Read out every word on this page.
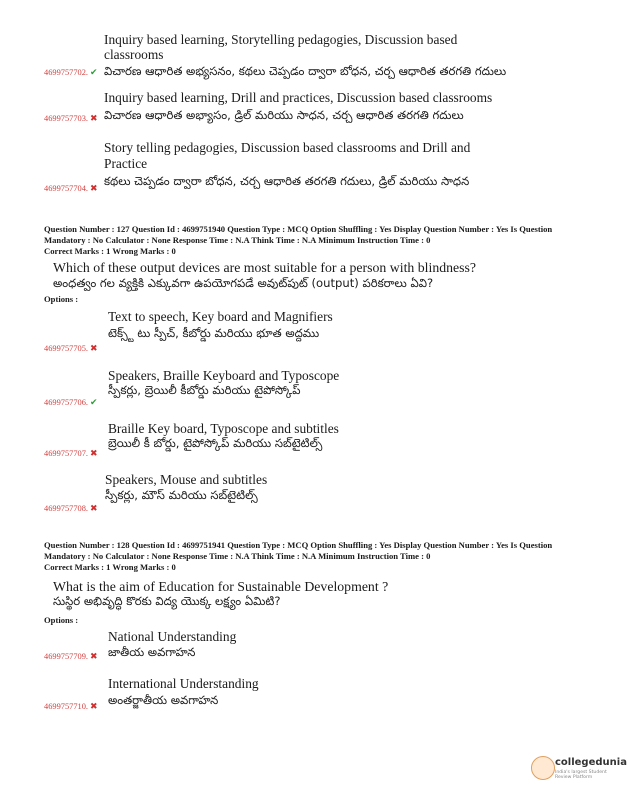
Inquiry based learning, Storytelling pedagogies, Discussion based
classrooms
4699757702. ✔ విచారణ ఆధారిత అభ్యసనం, కథలు చెప్పడం ద్వారా బోధన, చర్చ ఆధారిత తరగతి గదులు
Inquiry based learning, Drill and practices, Discussion based classrooms
4699757703. ✖ విచారణ ఆధారిత అభ్యాసం, డ్రిల్ మరియు సాధన, చర్చ ఆధారిత తరగతి గదులు
Story telling pedagogies, Discussion based classrooms and Drill and
Practice
4699757704. ✖ కథలు చెప్పడం ద్వారా బోధన, చర్చ ఆధారిత తరగతి గదులు, డ్రిల్ మరియు సాధన
Question Number : 127 Question Id : 4699751940 Question Type : MCQ Option Shuffling : Yes Display Question Number : Yes Is Question
Mandatory : No Calculator : None Response Time : N.A Think Time : N.A Minimum Instruction Time : 0
Correct Marks : 1 Wrong Marks : 0
Which of these output devices are most suitable for a person with blindness?
అంధత్వం గల వ్యక్తికి ఎక్కువగా ఉపయోగపడే అవుట్‌పుట్ (output) పరికరాలు ఏవి?
Options :
Text to speech, Key board and Magnifiers
టెక్స్ట్ టు స్పీచ్, కీబోర్డు మరియు భూత అద్దము
4699757705. ✖
Speakers, Braille Keyboard and Typoscope
స్పీకర్లు, బ్రెయిలీ కీబోర్డు మరియు టైపోస్కోప్
4699757706. ✔
Braille Key board, Typoscope and subtitles
బ్రెయిలీ కీ బోర్డు, టైపోస్కోప్ మరియు సబ్‌టైటిల్స్
4699757707. ✖
Speakers, Mouse and subtitles
స్పీకర్లు, మౌస్ మరియు సబ్‌టైటిల్స్
4699757708. ✖
Question Number : 128 Question Id : 4699751941 Question Type : MCQ Option Shuffling : Yes Display Question Number : Yes Is Question
Mandatory : No Calculator : None Response Time : N.A Think Time : N.A Minimum Instruction Time : 0
Correct Marks : 1 Wrong Marks : 0
What is the aim of Education for Sustainable Development ?
సుస్థిర అభివృద్ధి కొరకు విద్య యొక్క లక్ష్యం ఏమిటి?
Options :
National Understanding
జాతీయ అవగాహన
4699757709. ✖
International Understanding
అంతర్జాతీయ అవగాహన
4699757710. ✖
collegedunia
India's largest Student Review Platform
